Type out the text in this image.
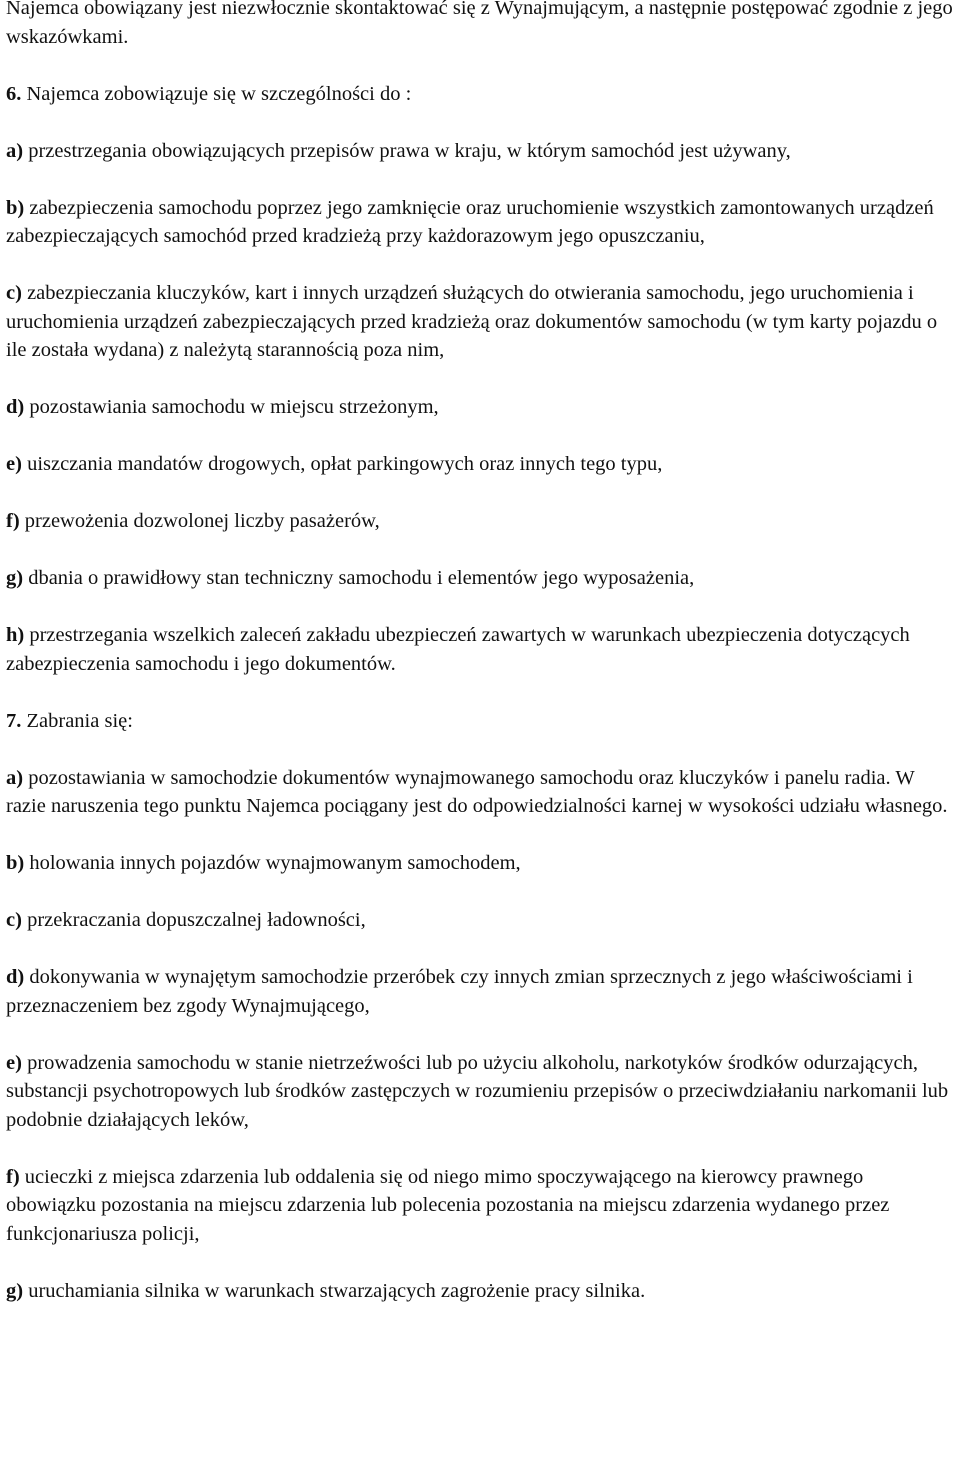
Najemca obowiązany jest niezwłocznie skontaktować się z Wynajmującym, a następnie postępować zgodnie z jego wskazówkami.

6. Najemca zobowiązuje się w szczególności do :

a) przestrzegania obowiązujących przepisów prawa w kraju, w którym samochód jest używany,

b) zabezpieczenia samochodu poprzez jego zamknięcie oraz uruchomienie wszystkich zamontowanych urządzeń zabezpieczających samochód przed kradzieżą przy każdorazowym jego opuszczaniu,

c) zabezpieczania kluczyków, kart i innych urządzeń służących do otwierania samochodu, jego uruchomienia i uruchomienia urządzeń zabezpieczających przed kradzieżą oraz dokumentów samochodu (w tym karty pojazdu o ile została wydana) z należytą starannością poza nim,

d) pozostawiania samochodu w miejscu strzeżonym,

e) uiszczania mandatów drogowych, opłat parkingowych oraz innych tego typu,

f) przewożenia dozwolonej liczby pasażerów,

g) dbania o prawidłowy stan techniczny samochodu i elementów jego wyposażenia,

h) przestrzegania wszelkich zaleceń zakładu ubezpieczeń zawartych w warunkach ubezpieczenia dotyczących zabezpieczenia samochodu i jego dokumentów.

7. Zabrania się:

a) pozostawiania w samochodzie dokumentów wynajmowanego samochodu oraz kluczyków i panelu radia. W razie naruszenia tego punktu Najemca pociągany jest do odpowiedzialności karnej w wysokości udziału własnego.

b) holowania innych pojazdów wynajmowanym samochodem,

c) przekraczania dopuszczalnej ładowności,

d) dokonywania w wynajętym samochodzie przeróbek czy innych zmian sprzecznych z jego właściwościami i przeznaczeniem bez zgody Wynajmującego,

e) prowadzenia samochodu w stanie nietrzeźwości lub po użyciu alkoholu, narkotyków środków odurzających, substancji psychotropowych lub środków zastępczych w rozumieniu przepisów o przeciwdziałaniu narkomanii lub podobnie działających leków,

f) ucieczki z miejsca zdarzenia lub oddalenia się od niego mimo spoczywającego na kierowcy prawnego obowiązku pozostania na miejscu zdarzenia lub polecenia pozostania na miejscu zdarzenia wydanego przez funkcjonariusza policji,

g) uruchamiania silnika w warunkach stwarzających zagrożenie pracy silnika.
